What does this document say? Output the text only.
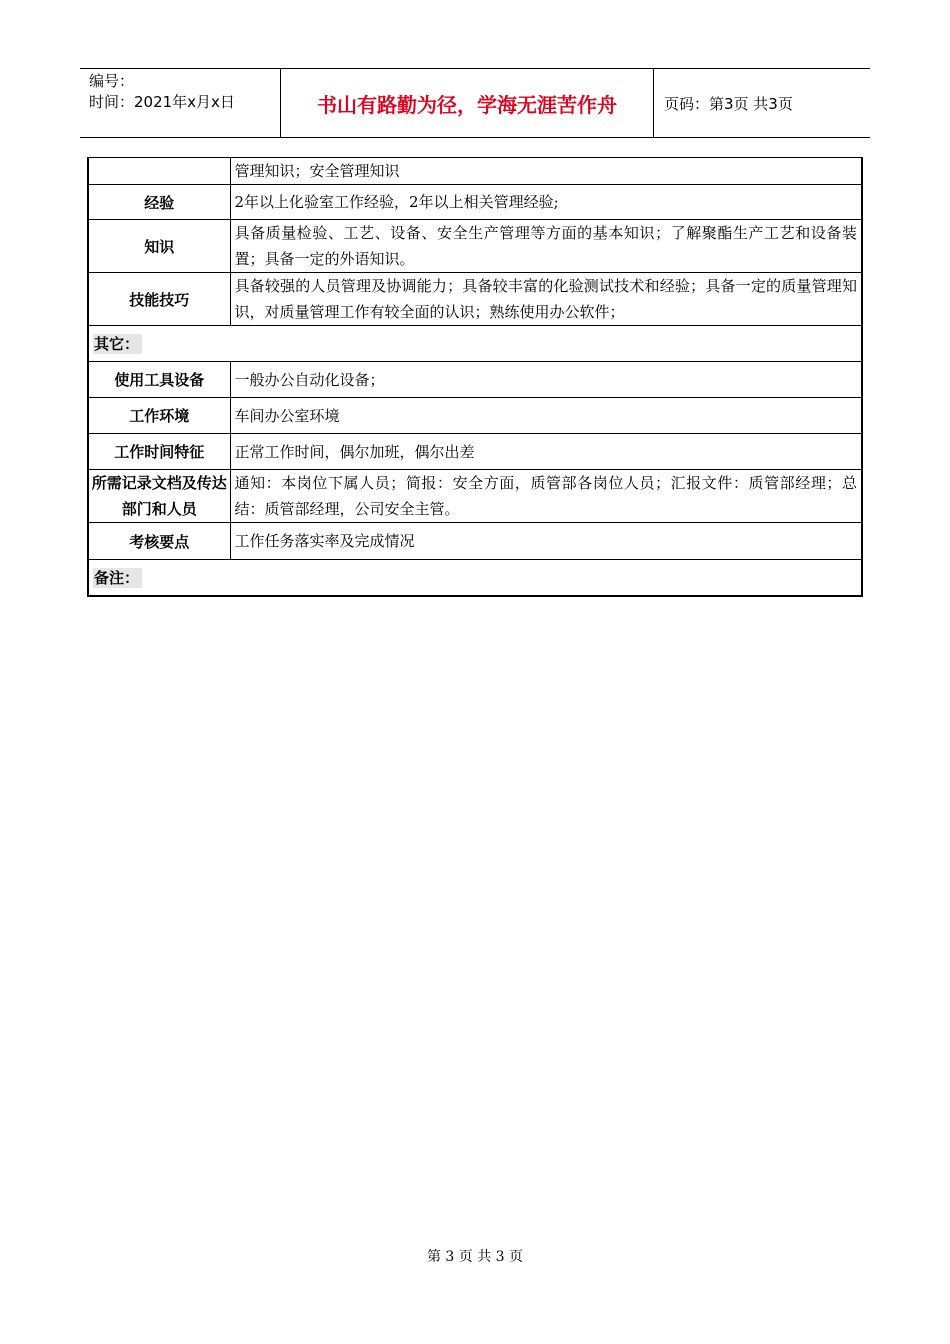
编号：
时间：2021年x月x日	书山有路勤为径，学海无涯苦作舟	页码：第3页 共3页
	管理知识；安全管理知识
经验	2年以上化验室工作经验，2年以上相关管理经验;
知识	具备质量检验、工艺、设备、安全生产管理等方面的基本知识；了解聚酯生产工艺和设备装置；具备一定的外语知识。
技能技巧	具备较强的人员管理及协调能力；具备较丰富的化验测试技术和经验；具备一定的质量管理知识，对质量管理工作有较全面的认识；熟练使用办公软件；
其它：	
使用工具设备	一般办公自动化设备；
工作环境	车间办公室环境
工作时间特征	正常工作时间，偶尔加班，偶尔出差
所需记录文档及传达部门和人员	通知：本岗位下属人员；简报：安全方面，质管部各岗位人员；汇报文件：质管部经理；总结：质管部经理，公司安全主管。
考核要点	工作任务落实率及完成情况
备注：	
第 3 页 共 3 页
